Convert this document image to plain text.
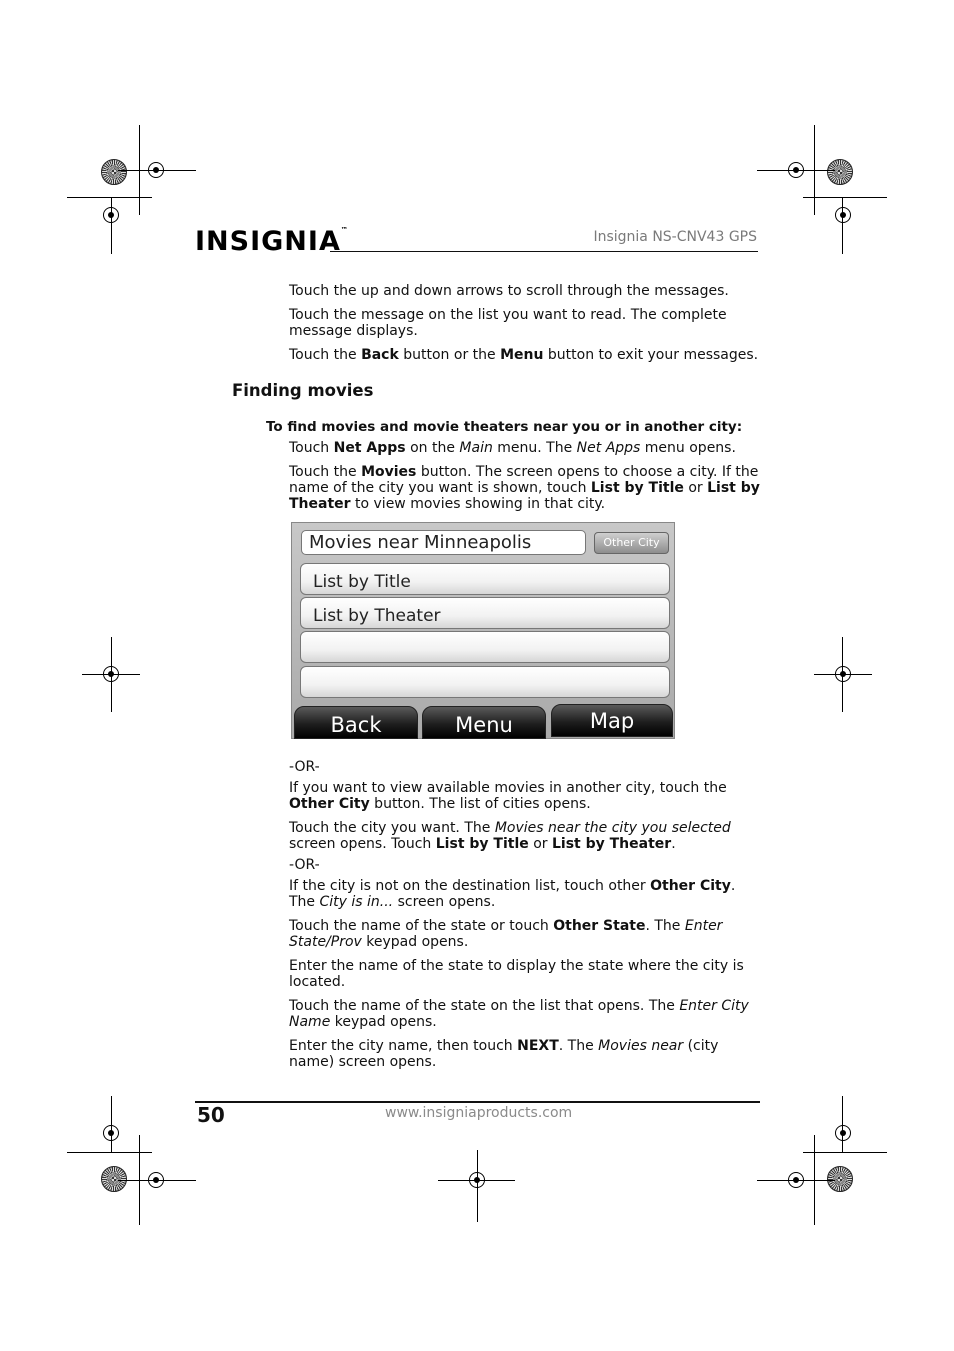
INSIGNIA™	Insignia NS-CNV43 GPS
Touch the up and down arrows to scroll through the messages.
Touch the message on the list you want to read. The complete message displays.
Touch the Back button or the Menu button to exit your messages.
Finding movies
To find movies and movie theaters near you or in another city:
Touch Net Apps on the Main menu. The Net Apps menu opens.
Touch the Movies button. The screen opens to choose a city. If the name of the city you want is shown, touch List by Title or List by Theater to view movies showing in that city.
Movies near Minneapolis	Other City
List by Title
List by Theater
Back	Menu	Map
-OR-
If you want to view available movies in another city, touch the Other City button. The list of cities opens.
Touch the city you want. The Movies near the city you selected screen opens. Touch List by Title or List by Theater.
-OR-
If the city is not on the destination list, touch other Other City. The City is in... screen opens.
Touch the name of the state or touch Other State. The Enter State/Prov keypad opens.
Enter the name of the state to display the state where the city is located.
Touch the name of the state on the list that opens. The Enter City Name keypad opens.
Enter the city name, then touch NEXT. The Movies near (city name) screen opens.
50	www.insigniaproducts.com
